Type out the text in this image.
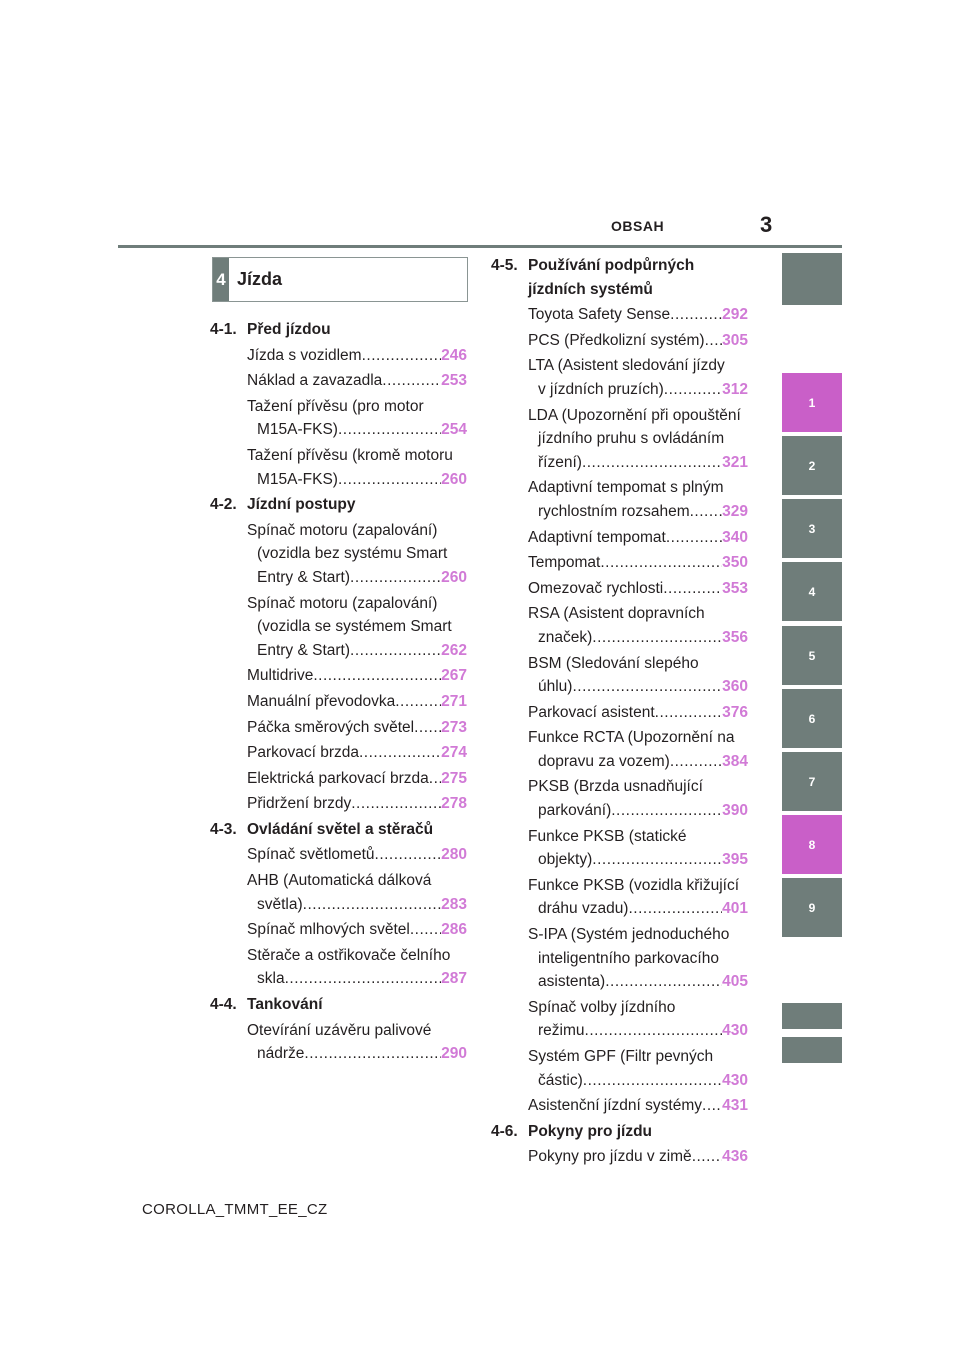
OBSAH	3
4 Jízda
4-1. Před jízdou
Jízda s vozidlem .....	246
Náklad a zavazadla .....	253
Tažení přívěsu (pro motor
M15A-FKS) .....	254
Tažení přívěsu (kromě motoru
M15A-FKS) .....	260
4-2. Jízdní postupy
Spínač motoru (zapalování)
(vozidla bez systému Smart
Entry & Start) .....	260
Spínač motoru (zapalování)
(vozidla se systémem Smart
Entry & Start) .....	262
Multidrive .....	267
Manuální převodovka .....	271
Páčka směrových světel ..... 273
Parkovací brzda .....	274
Elektrická parkovací brzda ..... 275
Přidržení brzdy .....	278
4-3. Ovládání světel a stěračů
Spínač světlometů .....	280
AHB (Automatická dálková
světla) .....	283
Spínač mlhových světel ..... 286
Stěrače a ostřikovače čelního
skla .....	287
4-4. Tankování
Otevírání uzávěru palivové
nádrže .....	290
4-5. Používání podpůrných jízdních systémů
Toyota Safety Sense .....	292
PCS (Předkolizní systém) ..... 305
LTA (Asistent sledování jízdy
v jízdních pruzích) .....	312
LDA (Upozornění při opouštění
jízdního pruhu s ovládáním
řízení) .....	321
Adaptivní tempomat s plným
rychlostním rozsahem ..... 329
Adaptivní tempomat .....	340
Tempomat .....	350
Omezovač rychlosti .....	353
RSA (Asistent dopravních
značek) .....	356
BSM (Sledování slepého
úhlu) .....	360
Parkovací asistent .....	376
Funkce RCTA (Upozornění na
dopravu za vozem) .....	384
PKSB (Brzda usnadňující
parkování) .....	390
Funkce PKSB (statické
objekty) .....	395
Funkce PKSB (vozidla křižující
dráhu vzadu) .....	401
S-IPA (Systém jednoduchého
inteligentního parkovacího
asistenta) .....	405
Spínač volby jízdního
režimu .....	430
Systém GPF (Filtr pevných
částic) .....	430
Asistenční jízdní systémy ..... 431
4-6. Pokyny pro jízdu
Pokyny pro jízdu v zimě ..... 436
1
2
3
4
5
6
7
8
9
COROLLA_TMMT_EE_CZ
